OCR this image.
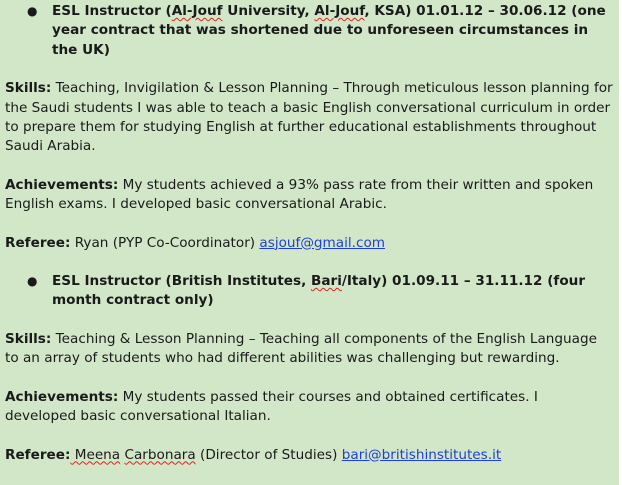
●	ESL Instructor (Al-Jouf University, Al-Jouf, KSA) 01.01.12 – 30.06.12 (one year contract that was shortened due to unforeseen circumstances in the UK)

Skills: Teaching, Invigilation & Lesson Planning – Through meticulous lesson planning for the Saudi students I was able to teach a basic English conversational curriculum in order to prepare them for studying English at further educational establishments throughout Saudi Arabia.

Achievements: My students achieved a 93% pass rate from their written and spoken English exams. I developed basic conversational Arabic.

Referee: Ryan (PYP Co-Coordinator) asjouf@gmail.com

●	ESL Instructor (British Institutes, Bari/Italy) 01.09.11 – 31.11.12 (four month contract only)

Skills: Teaching & Lesson Planning – Teaching all components of the English Language to an array of students who had different abilities was challenging but rewarding.

Achievements: My students passed their courses and obtained certificates. I developed basic conversational Italian.

Referee: Meena Carbonara (Director of Studies) bari@britishinstitutes.it
